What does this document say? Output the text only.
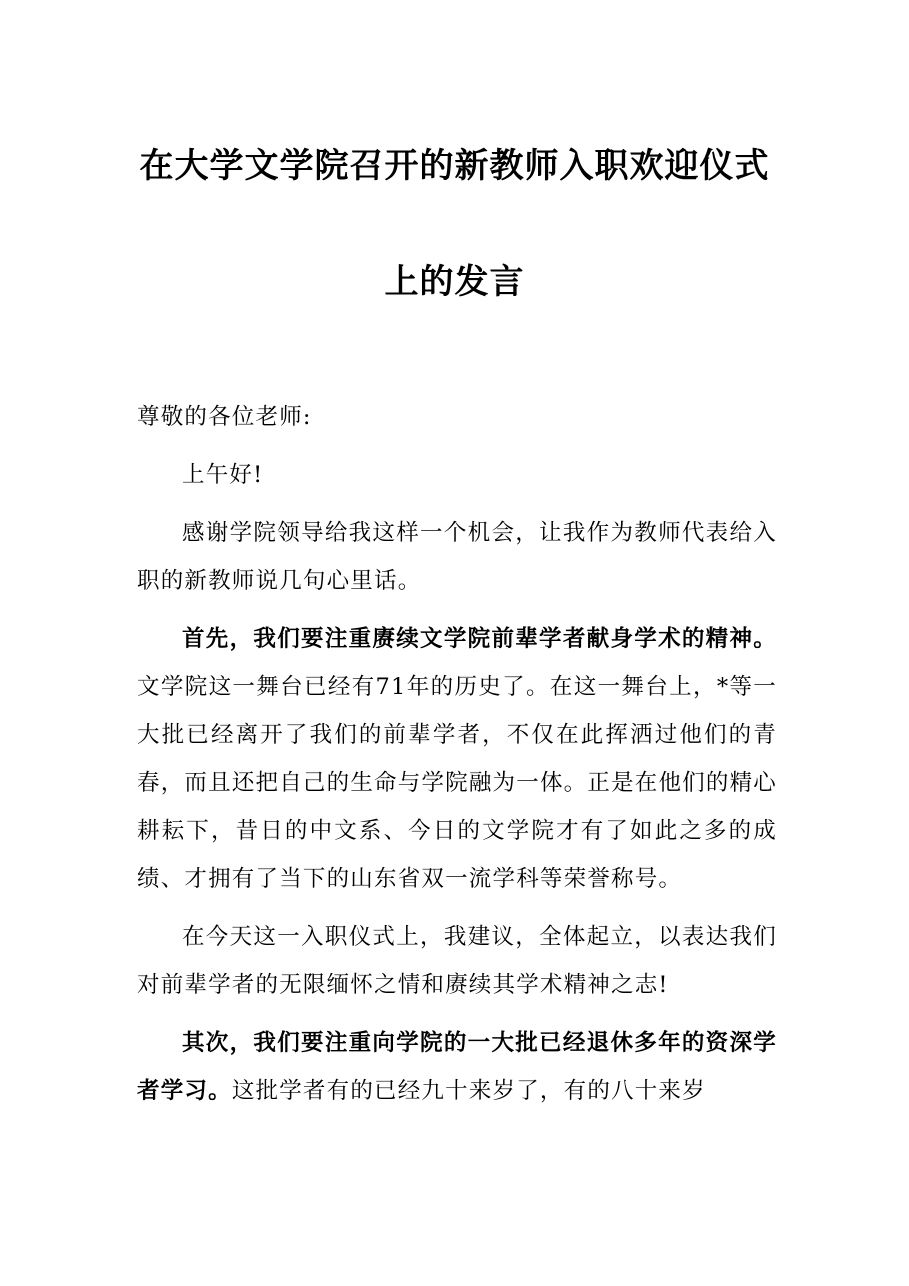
在大学文学院召开的新教师入职欢迎仪式
上的发言

尊敬的各位老师:

上午好!

感谢学院领导给我这样一个机会，让我作为教师代表给入职的新教师说几句心里话。

首先，我们要注重赓续文学院前辈学者献身学术的精神。文学院这一舞台已经有71年的历史了。在这一舞台上，*等一大批已经离开了我们的前辈学者，不仅在此挥洒过他们的青春，而且还把自己的生命与学院融为一体。正是在他们的精心耕耘下，昔日的中文系、今日的文学院才有了如此之多的成绩、才拥有了当下的山东省双一流学科等荣誉称号。

在今天这一入职仪式上，我建议，全体起立，以表达我们对前辈学者的无限缅怀之情和赓续其学术精神之志!

其次，我们要注重向学院的一大批已经退休多年的资深学者学习。这批学者有的已经九十来岁了，有的八十来岁
